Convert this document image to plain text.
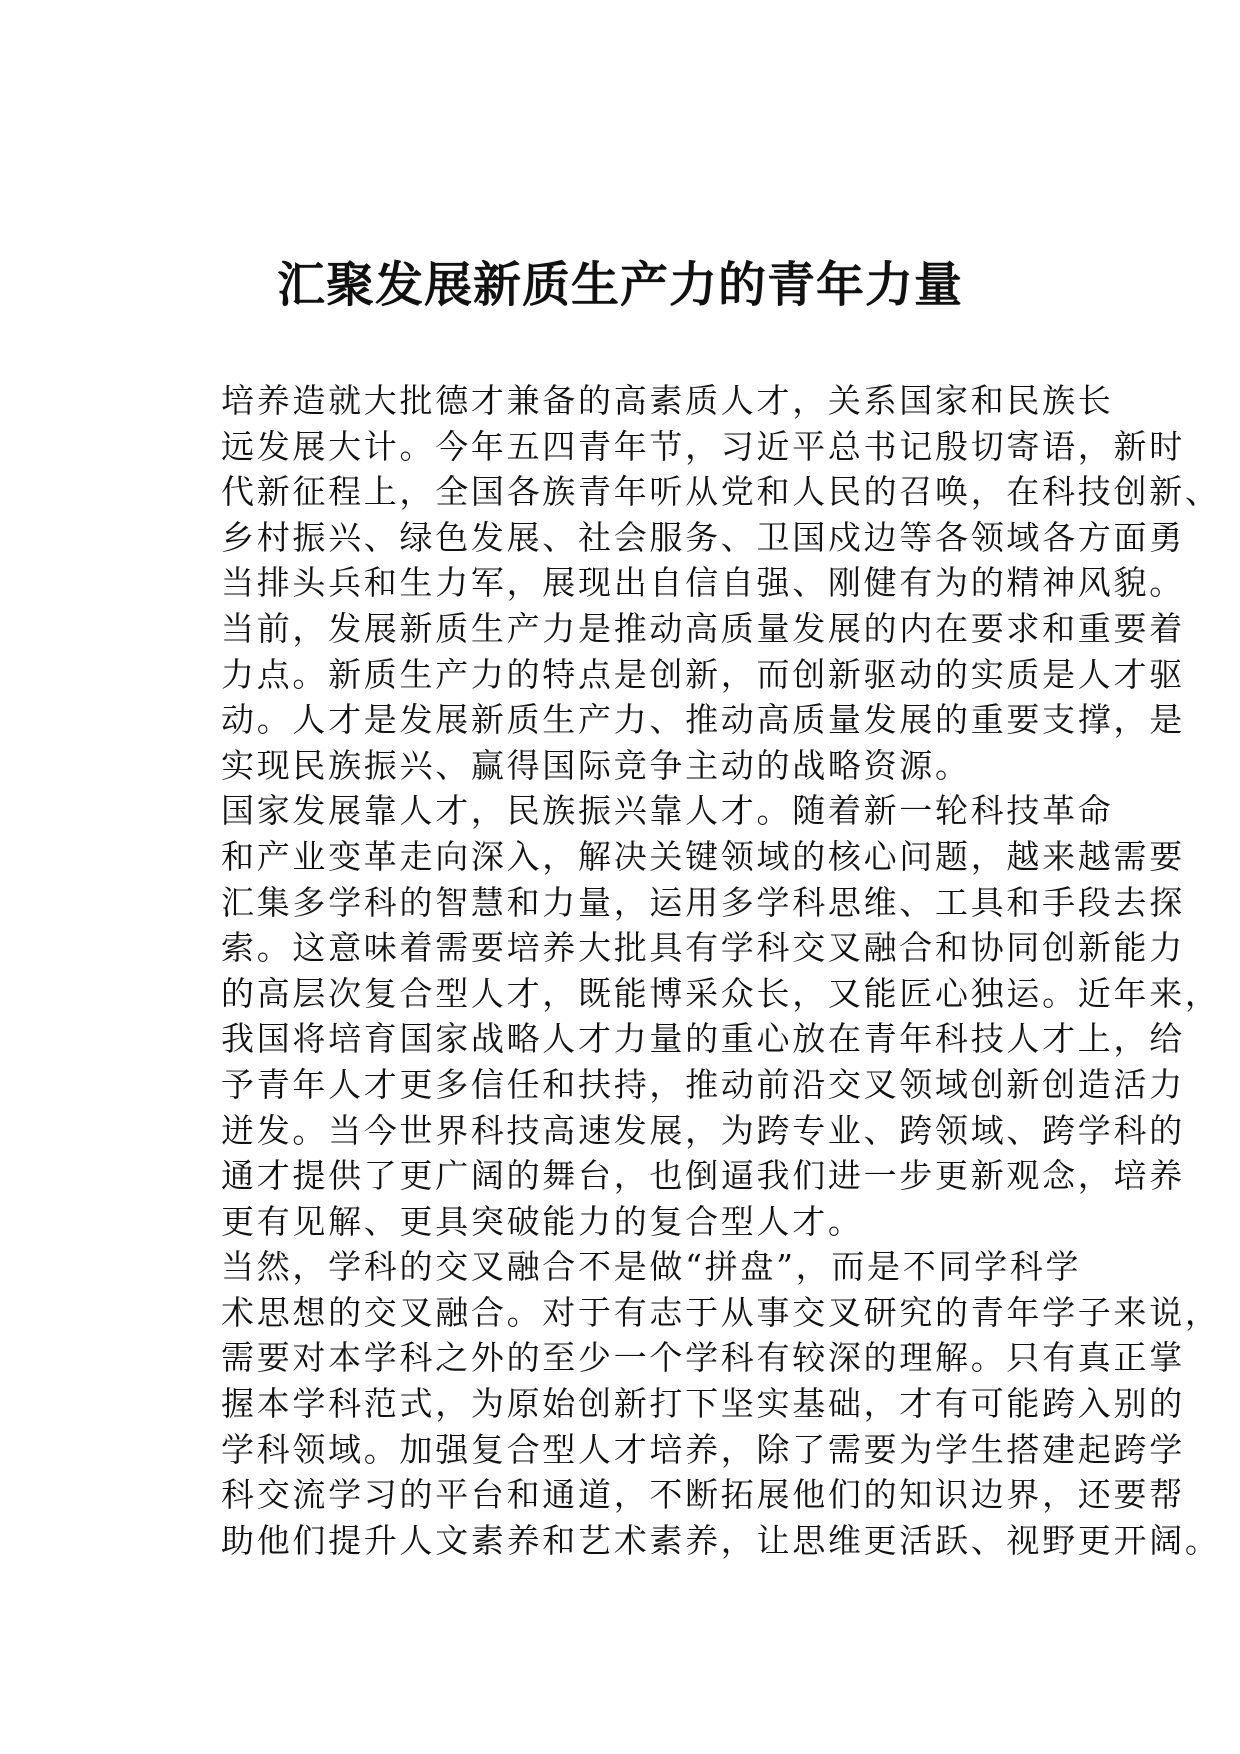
汇聚发展新质生产力的青年力量

培养造就大批德才兼备的高素质人才，关系国家和民族长
远发展大计。今年五四青年节，习近平总书记殷切寄语，新时
代新征程上，全国各族青年听从党和人民的召唤，在科技创新、
乡村振兴、绿色发展、社会服务、卫国戍边等各领域各方面勇
当排头兵和生力军，展现出自信自强、刚健有为的精神风貌。
当前，发展新质生产力是推动高质量发展的内在要求和重要着
力点。新质生产力的特点是创新，而创新驱动的实质是人才驱
动。人才是发展新质生产力、推动高质量发展的重要支撑，是
实现民族振兴、赢得国际竞争主动的战略资源。

国家发展靠人才，民族振兴靠人才。随着新一轮科技革命
和产业变革走向深入，解决关键领域的核心问题，越来越需要
汇集多学科的智慧和力量，运用多学科思维、工具和手段去探
索。这意味着需要培养大批具有学科交叉融合和协同创新能力
的高层次复合型人才，既能博采众长，又能匠心独运。近年来，
我国将培育国家战略人才力量的重心放在青年科技人才上，给
予青年人才更多信任和扶持，推动前沿交叉领域创新创造活力
迸发。当今世界科技高速发展，为跨专业、跨领域、跨学科的
通才提供了更广阔的舞台，也倒逼我们进一步更新观念，培养
更有见解、更具突破能力的复合型人才。

当然，学科的交叉融合不是做“拼盘”，而是不同学科学
术思想的交叉融合。对于有志于从事交叉研究的青年学子来说，
需要对本学科之外的至少一个学科有较深的理解。只有真正掌
握本学科范式，为原始创新打下坚实基础，才有可能跨入别的
学科领域。加强复合型人才培养，除了需要为学生搭建起跨学
科交流学习的平台和通道，不断拓展他们的知识边界，还要帮
助他们提升人文素养和艺术素养，让思维更活跃、视野更开阔。
